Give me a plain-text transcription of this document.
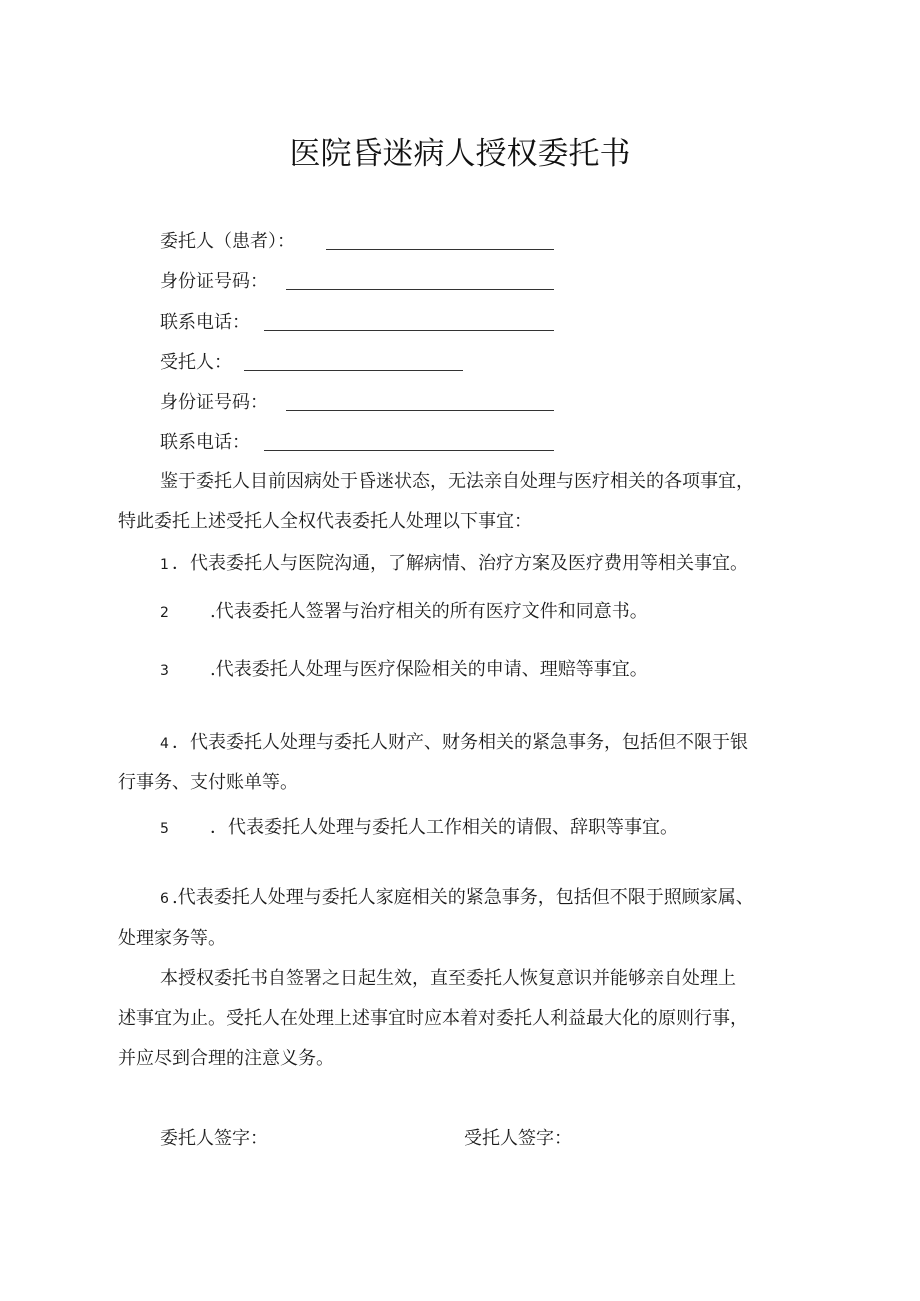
医院昏迷病人授权委托书
委托人（患者）：
身份证号码：
联系电话：
受托人：
身份证号码：
联系电话：
鉴于委托人目前因病处于昏迷状态，无法亲自处理与医疗相关的各项事宜，
特此委托上述受托人全权代表委托人处理以下事宜：
1 ．代表委托人与医院沟通，了解病情、治疗方案及医疗费用等相关事宜。
2 .代表委托人签署与治疗相关的所有医疗文件和同意书。
3 .代表委托人处理与医疗保险相关的申请、理赔等事宜。
4 ．代表委托人处理与委托人财产、财务相关的紧急事务，包括但不限于银
行事务、支付账单等。
5 ．代表委托人处理与委托人工作相关的请假、辞职等事宜。
6 .代表委托人处理与委托人家庭相关的紧急事务，包括但不限于照顾家属、
处理家务等。
本授权委托书自签署之日起生效，直至委托人恢复意识并能够亲自处理上
述事宜为止。受托人在处理上述事宜时应本着对委托人利益最大化的原则行事，
并应尽到合理的注意义务。
委托人签字：	受托人签字：
